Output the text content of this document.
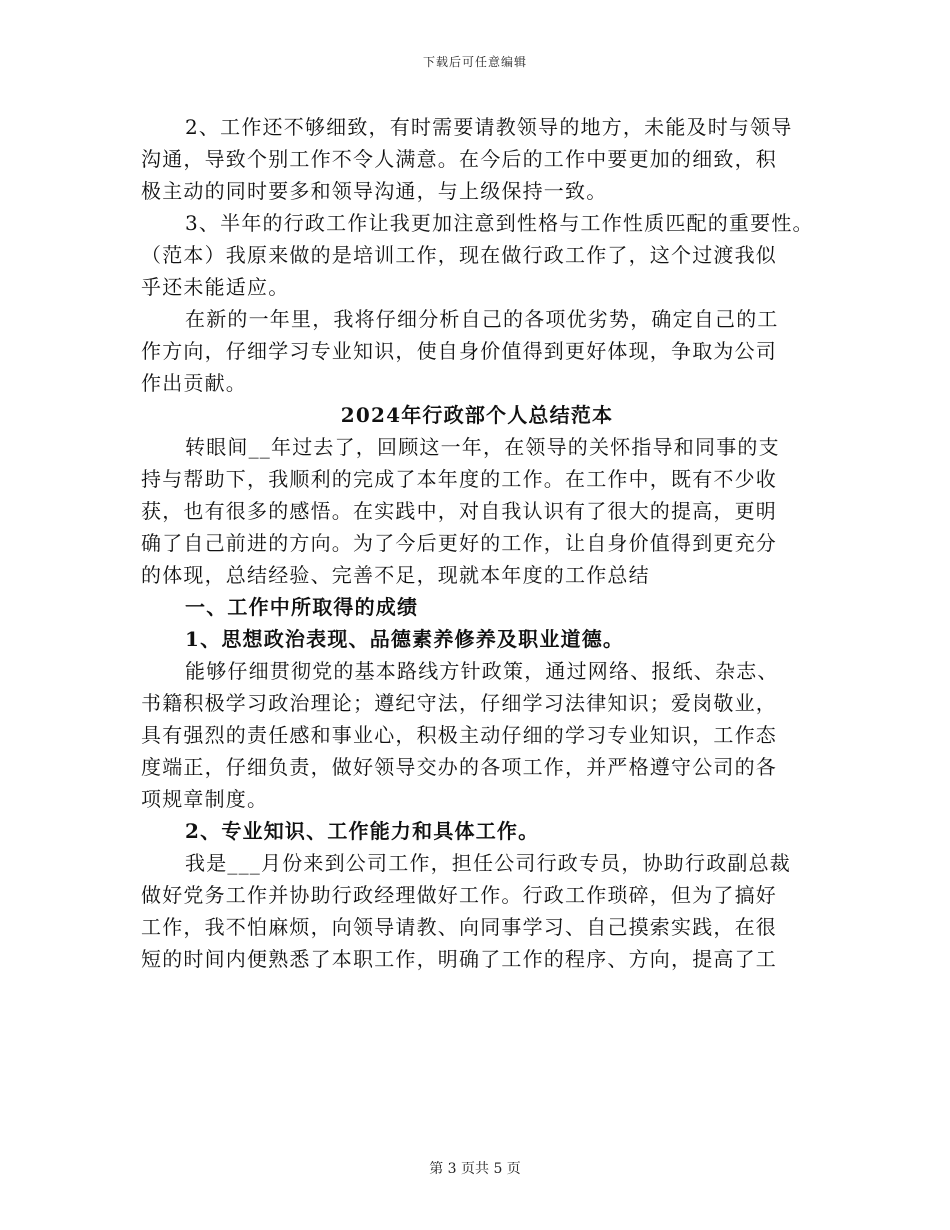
下载后可任意编辑
2、工作还不够细致，有时需要请教领导的地方，未能及时与领导
沟通，导致个别工作不令人满意。在今后的工作中要更加的细致，积
极主动的同时要多和领导沟通，与上级保持一致。
3、半年的行政工作让我更加注意到性格与工作性质匹配的重要性。
（范本）我原来做的是培训工作，现在做行政工作了，这个过渡我似
乎还未能适应。
在新的一年里，我将仔细分析自己的各项优劣势，确定自己的工
作方向，仔细学习专业知识，使自身价值得到更好体现，争取为公司
作出贡献。
2024年行政部个人总结范本
转眼间__年过去了，回顾这一年，在领导的关怀指导和同事的支
持与帮助下，我顺利的完成了本年度的工作。在工作中，既有不少收
获，也有很多的感悟。在实践中，对自我认识有了很大的提高，更明
确了自己前进的方向。为了今后更好的工作，让自身价值得到更充分
的体现，总结经验、完善不足，现就本年度的工作总结
一、工作中所取得的成绩
1、思想政治表现、品德素养修养及职业道德。
能够仔细贯彻党的基本路线方针政策，通过网络、报纸、杂志、
书籍积极学习政治理论；遵纪守法，仔细学习法律知识；爱岗敬业，
具有强烈的责任感和事业心，积极主动仔细的学习专业知识，工作态
度端正，仔细负责，做好领导交办的各项工作，并严格遵守公司的各
项规章制度。
2、专业知识、工作能力和具体工作。
我是___月份来到公司工作，担任公司行政专员，协助行政副总裁
做好党务工作并协助行政经理做好工作。行政工作琐碎，但为了搞好
工作，我不怕麻烦，向领导请教、向同事学习、自己摸索实践，在很
短的时间内便熟悉了本职工作，明确了工作的程序、方向，提高了工
第 3 页共 5 页
